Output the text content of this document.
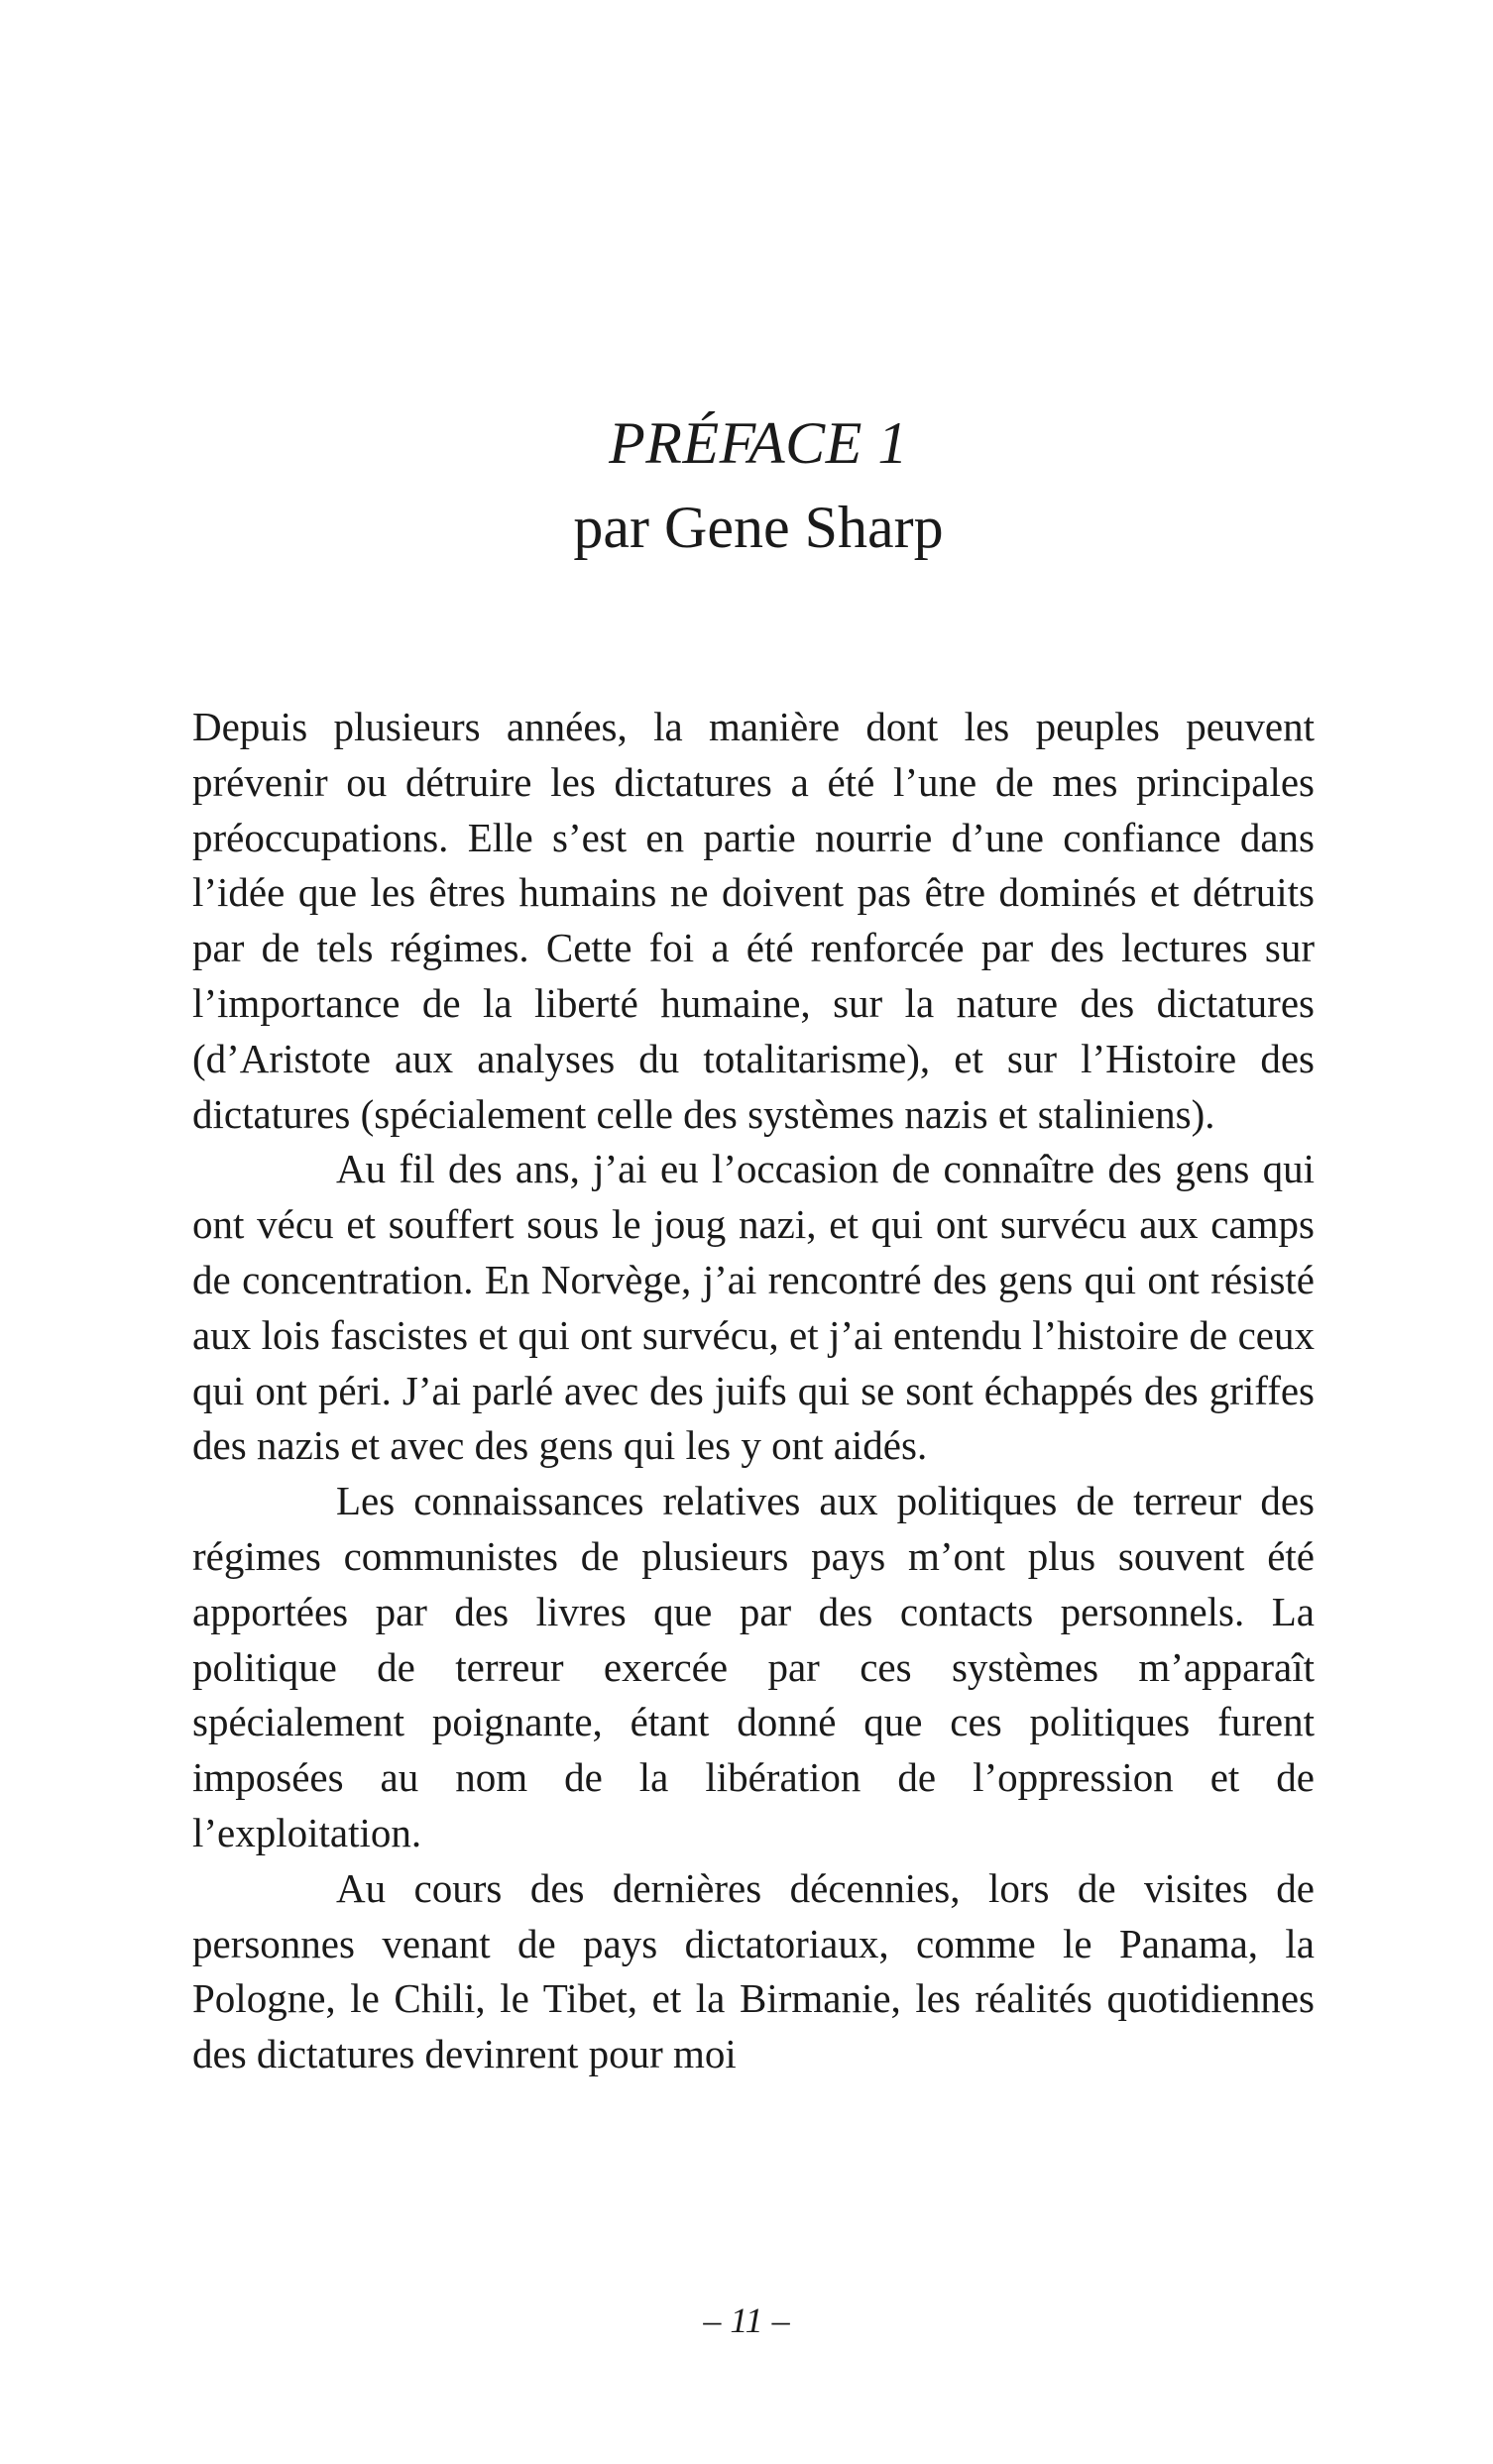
PRÉFACE 1
par Gene Sharp

Depuis plusieurs années, la manière dont les peuples peuvent prévenir ou détruire les dictatures a été l’une de mes principales préoccupations. Elle s’est en partie nourrie d’une confiance dans l’idée que les êtres humains ne doivent pas être dominés et détruits par de tels régimes. Cette foi a été renforcée par des lectures sur l’importance de la liberté humaine, sur la nature des dictatures (d’Aristote aux analyses du totalitarisme), et sur l’Histoire des dictatures (spécialement celle des systèmes nazis et staliniens).

Au fil des ans, j’ai eu l’occasion de connaître des gens qui ont vécu et souffert sous le joug nazi, et qui ont survécu aux camps de concentration. En Norvège, j’ai rencontré des gens qui ont résisté aux lois fascistes et qui ont survécu, et j’ai entendu l’histoire de ceux qui ont péri. J’ai parlé avec des juifs qui se sont échappés des griffes des nazis et avec des gens qui les y ont aidés.

Les connaissances relatives aux politiques de terreur des régimes communistes de plusieurs pays m’ont plus souvent été apportées par des livres que par des contacts personnels. La politique de terreur exercée par ces systèmes m’apparaît spécialement poignante, étant donné que ces politiques furent imposées au nom de la libération de l’oppression et de l’exploitation.

Au cours des dernières décennies, lors de visites de personnes venant de pays dictatoriaux, comme le Panama, la Pologne, le Chili, le Tibet, et la Birmanie, les réalités quotidiennes des dictatures devinrent pour moi

– 11 –
